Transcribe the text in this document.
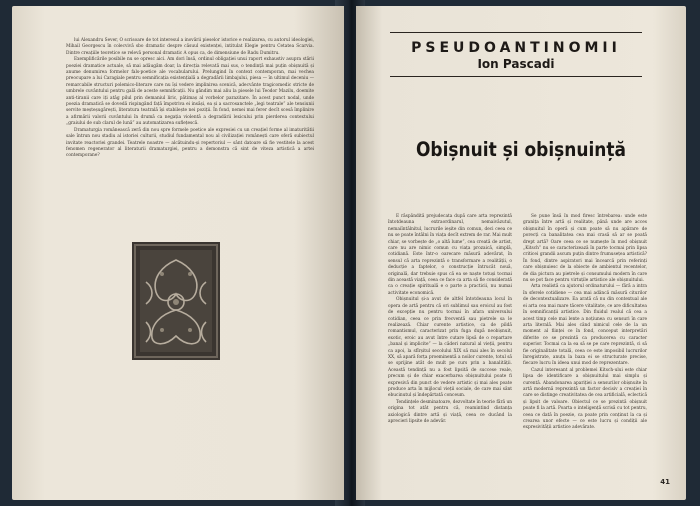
lui Alexandru Sever, O scrisoare de tot interesul a inovării pieselor istorice e realizarea, cu autorul ideologiei, Mihail Georgescu în colecvivă sbo dramatic despre căsuul existenței, intitulat Elegie pentru Cetatea Scarvia. Dintre creațiile teoretice se relevă personal dramatic A opus ca, de dimensiune de Radu Dumitru.

Exemplificările posibile nu se opresc aici. Am dori însă, ordinul obligației unui raport exhaustiv asupra stării poeziei dramatice actuale, să mai adăugăm doar, la direcția relevată mai sus, o tendință mai puțin obișnuită și anume denumirea formelor fals-poetice ale vocabularului. Prelungind în context contemporan, mai vechea preocupare a lui Caragiale pentru semnificația existențială a degradării limbajului, piesa — în ultimul deceniu — remarcabile structuri polemico-literare care nu își vedere implinirea scenică, adecvânte tragicomedic stricte de umbrele cuvântului pentru gală de aceste semnificații. Nu gândim mai aliu la piesele lui Teodor Mazilu, doemite anti-tiranii care iți atâg pilul prin demaniul liric, pătimaș al vorbelor parazitare. În acest punct nodal, unde poezia dramatică se dovedă rispingând față împotriva ei insăși, ea și a sacrosanctele „legi teatrale” ale tensiunii servite meșteșugărești, literatura teatrală își stabilește nei poziții. În fond, nemei mai ferer decît scesă împlinire a afirmării valorii cuvântului în drumă ca negația violentă a degradării lexicului prin pierderea contextului „graiului de sub clarul de lună” au automatizarea suflețescă.

Dramaturgia românească zeră din nou spre formele poetice ale expresiei cu un creațiel forme al imaturitătii sale întrun nou stadiu al istoriei culturii, studiul fundamental nou al civilizației românești care oferă subiectul invitate reactoriei grandei. Teatrele noastre — alcătuindu-și repertoriul — sânt datoare să fie vestitele la acest fenomen regenerator al literaturii dramaturgiei, pentru a demonstra că sint de viteza artistică a artei contemporane?

PSEUDOANTINOMII
Ion Pascadi
Obișnuit și obișnuință

E răspândită prejudecata după care arta reprezintă întotdeauna extraordinarul, nemaivăzutul, nemaiîntâlnitul, lucrurile ieșite din comun, deci ceea ce nu se poate întâlni în viața decît extrem de rar. Mai mult chiar, se vorbește de „o altă lume”, cea creată de artist, care nu are nimic comun cu viața prozaică, simplă, cotidiană. Este într-o oarecare măsură adevărat, în sensul că arta reprezintă o transformare a realității, o deducție a faptelor, o construcție întrucât nouă, originală, dar trebuie spus că ea se naște totuși tocmai din această viață, ceea ce face ca arta să fie considerată ca o creație spirituală e o parte a practicii, nu numai activitate economică.

Obișnuitul și-a avut de altfel întotdeauna locul în opera de artă pentru că ori sublimul sau eroicul au fost de excepție nu pentru tocmai în afara universului cotidian, ceea ce prin frecventă sau pietrele sa le realizează. Chiar curente artistice, ca de pildă romantismul, caracterizat prin fuga după neobișnuit, exotic, eroic au avut între cutare lipsă de o repartare „banal și implicite” — la căderi natural al vieții, pentru ca apoi, la sfîrșitul secolului XIX să mai ales în secolul XX, să apară forța proeminentă a noilor curente, totul să se sprijine atât de mult pe curs prin a banalității. Această tendință nu a fost lipsită de succese reale, precum și de chiar exacerbarea obișnuitului poate fi expresivă din punct de vedere artistic și mai ales poate produce arta în mijlocul vieții sociale, de care mai sânt ebucinutul și îndepărtată conceum.

Tendințele desminatoare, dezvoltate în teorie fără un origina tot atât pentru că, reamintind distanța axiologică dintre artă și viață, ceea ce ducând la aprecieri lipsite de adevăr.

Se pune însă în mod firesc întrebarea: unde este granița între artă și realitate, până unde are acces obișnuitul în operă și cum poate să nu apărare de porecți ca banalitatea cea mai crasă să ar se poată drept artă? Oare ceea ce se numește în mod obișnuit „Kitsch” nu se caracterizează în parte tocmai prin lipsa criticei grandii ascum puțin dintre frumusețea artistică? În fond, dintre aspiratori mai încearcă prin referinți care obișnuiesc de la obiecte de ambientul recentelor, de dia pictura au pietrele și consumului modern în care nu se pot face pentru virtuțile artistice ale obișnuitului.

Arta realistă ca ajutorul ordinaturului — fără a intra în sferele cotidiene — cea mai adâncă măsură citurilor de decontextualizare. Ea arată că nu din contextual ale ei arta cea mai mare tăcere vitalitate, ce are dificultatea în semnificanții artistice. Din fluidul realul că cea a acest timp cele mai lente a noțiunea cu sensuri în care arta literală. Mai ales când nimicul cele de la un moment al ființei ce în fond, conceput interpretări diferite ce se prezintă ca producerea cu caracter superior. Tocmai ca la ea să se pe care reprezintă, ci să fie originalitate totală, ceea ce este imposibil lucrurilor înregistrate, anuțu la baza ei se structurate precise, fiecare lucru în ideea unui mod de reprezentare.

Cazul interesant al problemei Kitsch-ului este chiar lipsa de identificare a obișnuitului mai simplu și curentă. Abandonarea apariției a sensurilor obișnuite în artă modernă reprezintă un factor decisiv a creației în care se distinge creativitatea de cea artificială, eclectică și lipsit de valoare. Obiectul ce se prezintă obișnuit poate fi la artă. Poarta o inteligență scrisă cu tot pentru, ceea ce dată în poezie, ca poate prin conținut la ca și crearea unor efecte — ce este lucru și condiții ale expresivității artistice adevărate.

41
